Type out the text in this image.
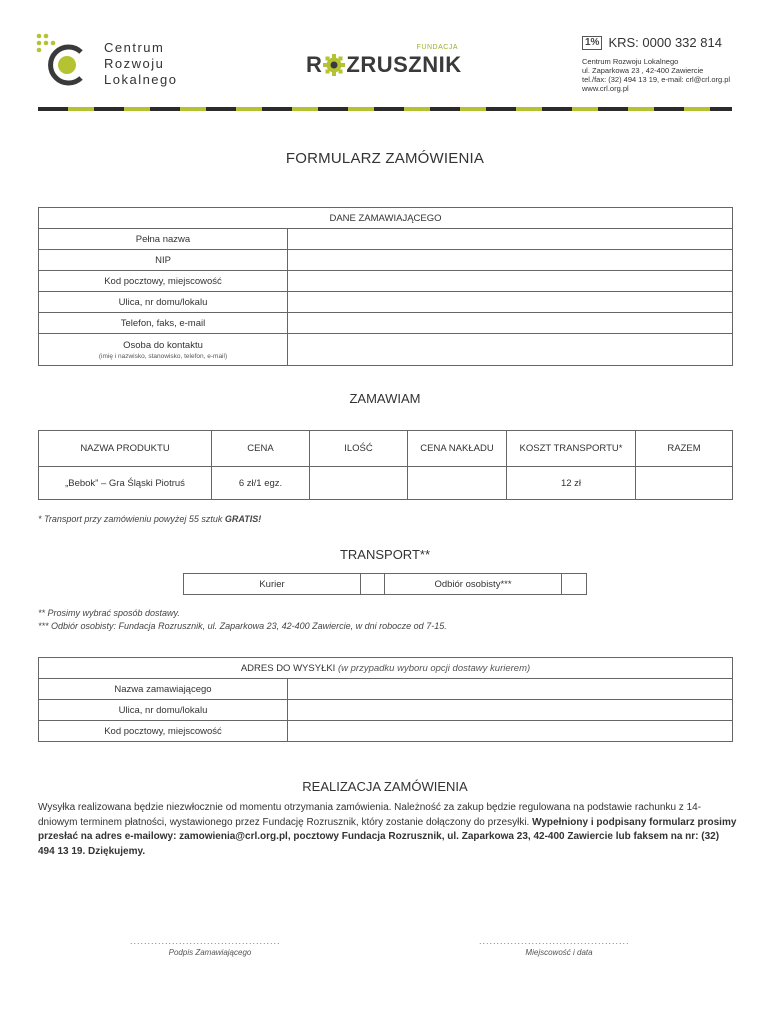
Centrum
Rozwoju
Lokalnego
FUNDACJA
R ZRUSZNIK
1% KRS: 0000 332 814
Centrum Rozwoju Lokalnego
ul. Zaparkowa 23 , 42-400 Zawiercie
tel./fax: (32) 494 13 19, e-mail: crl@crl.org.pl
www.crl.org.pl
FORMULARZ ZAMÓWIENIA
DANE ZAMAWIAJĄCEGO	
Pełna nazwa	
NIP	
Kod pocztowy, miejscowość	
Ulica, nr domu/lokalu	
Telefon, faks, e-mail	
Osoba do kontaktu
(imię i nazwisko, stanowisko, telefon, e-mail)	

ZAMAWIAM
NAZWA PRODUKTU	CENA	ILOŚĆ	CENA NAKŁADU	KOSZT TRANSPORTU*	RAZEM
„Bebok” – Gra Śląski Piotruś	6 zł/1 egz.			12 zł	
* Transport przy zamówieniu powyżej 55 sztuk GRATIS!
TRANSPORT**
Kurier		Odbiór osobisty***	
** Prosimy wybrać sposób dostawy.
*** Odbiór osobisty: Fundacja Rozrusznik, ul. Zaparkowa 23, 42-400 Zawiercie, w dni robocze od 7-15.
ADRES DO WYSYŁKI (w przypadku wyboru opcji dostawy kurierem)	
Nazwa zamawiającego	
Ulica, nr domu/lokalu	
Kod pocztowy, miejscowość	
REALIZACJA ZAMÓWIENIA
Wysyłka realizowana będzie niezwłocznie od momentu otrzymania zamówienia. Należność za zakup będzie regulowana na podstawie rachunku z 14-dniowym terminem płatności, wystawionego przez Fundację Rozrusznik, który zostanie dołączony do przesyłki. Wypełniony i podpisany formularz prosimy przesłać na adres e-mailowy: zamowienia@crl.org.pl, pocztowy Fundacja Rozrusznik, ul. Zaparkowa 23, 42-400 Zawiercie lub faksem na nr: (32) 494 13 19. Dziękujemy.
...........................................	...........................................
Podpis Zamawiającego	Miejscowość i data
